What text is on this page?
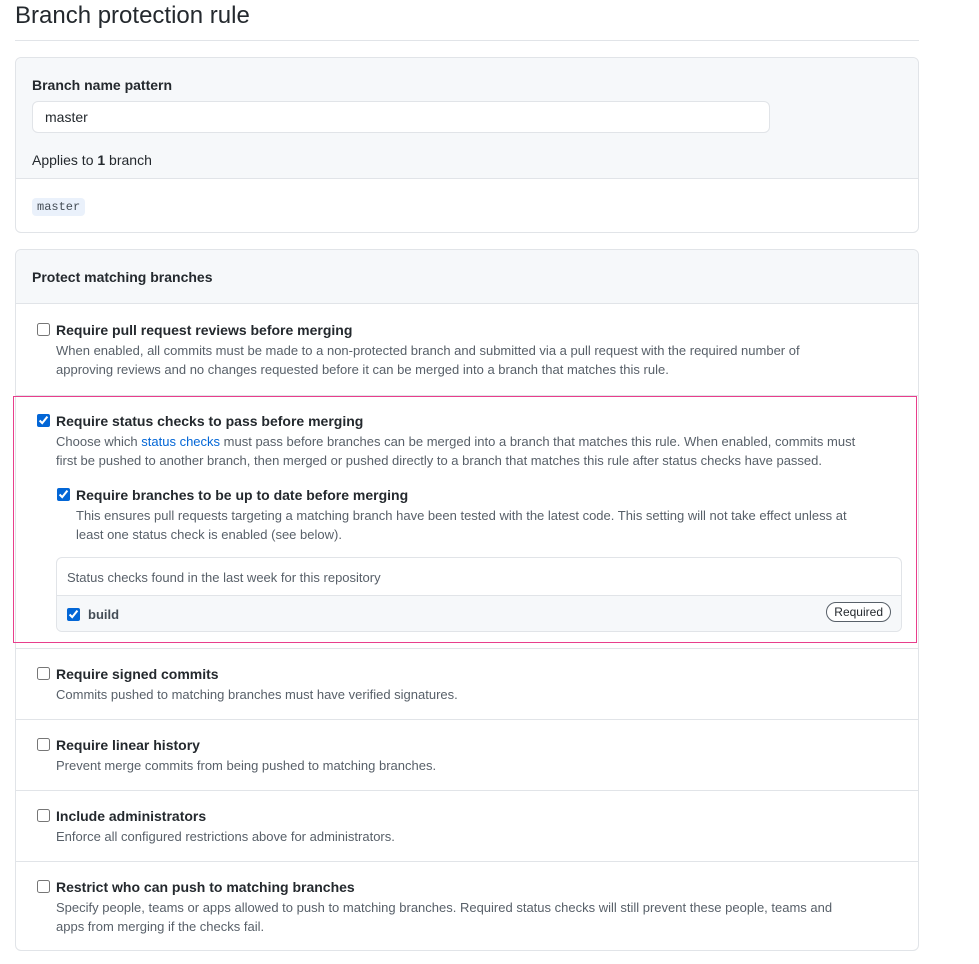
Branch protection rule
Branch name pattern
master
Applies to 1 branch
master
Protect matching branches
Require pull request reviews before merging
When enabled, all commits must be made to a non-protected branch and submitted via a pull request with the required number of
approving reviews and no changes requested before it can be merged into a branch that matches this rule.
Require status checks to pass before merging
Choose which status checks must pass before branches can be merged into a branch that matches this rule. When enabled, commits must
first be pushed to another branch, then merged or pushed directly to a branch that matches this rule after status checks have passed.
Require branches to be up to date before merging
This ensures pull requests targeting a matching branch have been tested with the latest code. This setting will not take effect unless at
least one status check is enabled (see below).
Require signed commits
Commits pushed to matching branches must have verified signatures.
Require linear history
Prevent merge commits from being pushed to matching branches.
Include administrators
Enforce all configured restrictions above for administrators.
Restrict who can push to matching branches
Specify people, teams or apps allowed to push to matching branches. Required status checks will still prevent these people, teams and
apps from merging if the checks fail.
Status checks found in the last week for this repository
build	Required
